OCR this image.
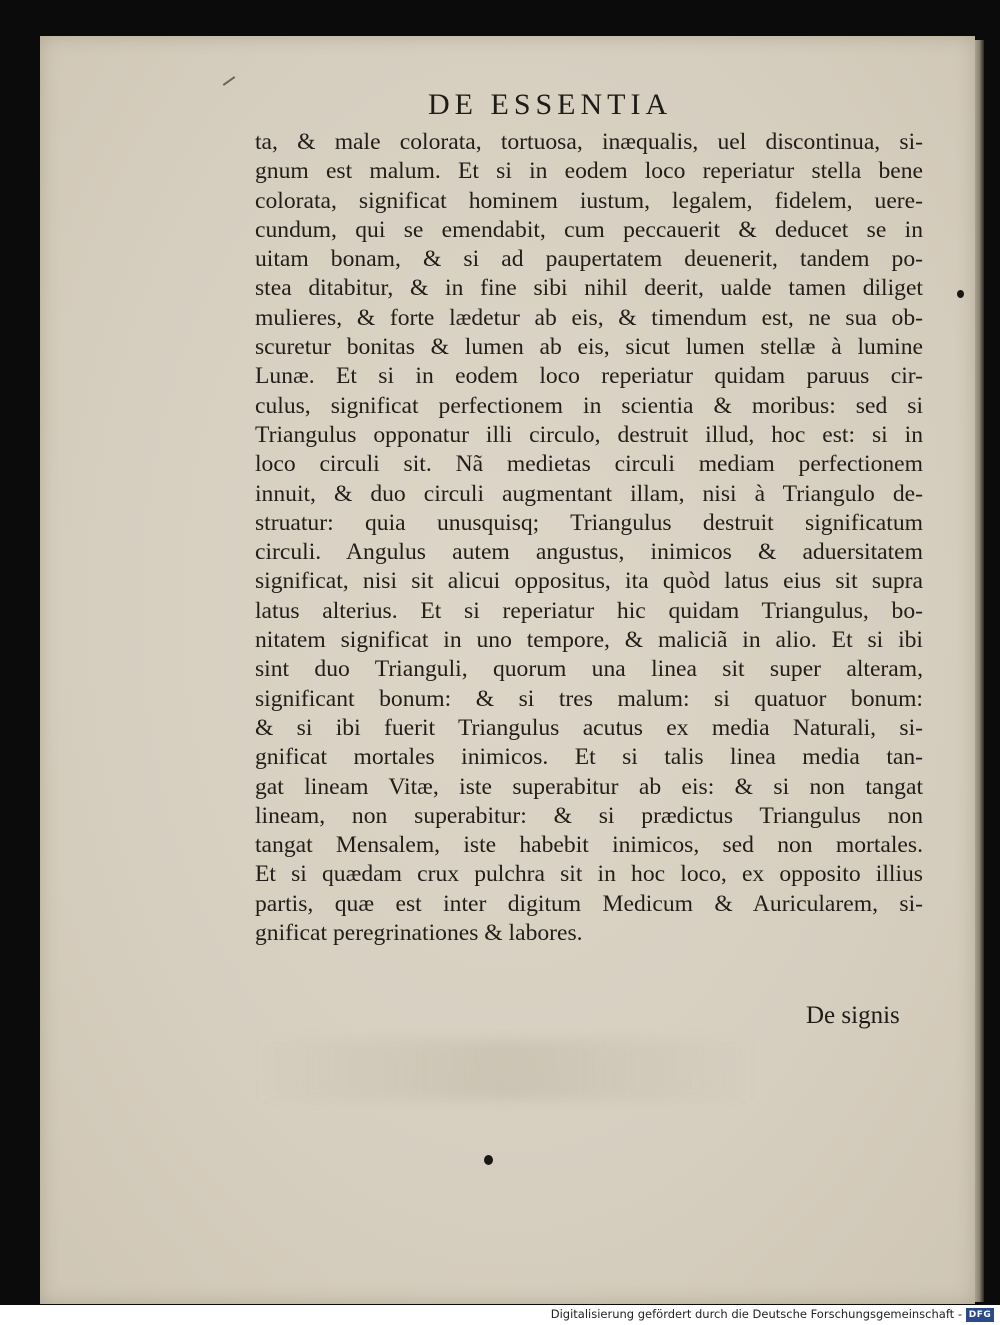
DE ESSENTIA
ta, & male colorata, tortuosa, inæqualis, uel discontinua, si-
gnum est malum. Et si in eodem loco reperiatur stella bene
colorata, significat hominem iustum, legalem, fidelem, uere-
cundum, qui se emendabit, cum peccauerit & deducet se in
uitam bonam, & si ad paupertatem deuenerit, tandem po-
stea ditabitur, & in fine sibi nihil deerit, ualde tamen diliget
mulieres, & forte lædetur ab eis, & timendum est, ne sua ob-
scuretur bonitas & lumen ab eis, sicut lumen stellæ à lumine
Lunæ. Et si in eodem loco reperiatur quidam paruus cir-
culus, significat perfectionem in scientia & moribus: sed si
Triangulus opponatur illi circulo, destruit illud, hoc est: si in
loco circuli sit. Nã medietas circuli mediam perfectionem
innuit, & duo circuli augmentant illam, nisi à Triangulo de-
struatur: quia unusquisq; Triangulus destruit significatum
circuli. Angulus autem angustus, inimicos & aduersitatem
significat, nisi sit alicui oppositus, ita quòd latus eius sit supra
latus alterius. Et si reperiatur hic quidam Triangulus, bo-
nitatem significat in uno tempore, & maliciã in alio. Et si ibi
sint duo Trianguli, quorum una linea sit super alteram,
significant bonum: & si tres malum: si quatuor bonum:
& si ibi fuerit Triangulus acutus ex media Naturali, si-
gnificat mortales inimicos. Et si talis linea media tan-
gat lineam Vitæ, iste superabitur ab eis: & si non tangat
lineam, non superabitur: & si prædictus Triangulus non
tangat Mensalem, iste habebit inimicos, sed non mortales.
Et si quædam crux pulchra sit in hoc loco, ex opposito illius
partis, quæ est inter digitum Medicum & Auricularem, si-
gnificat peregrinationes & labores.
De signis
Digitalisierung gefördert durch die Deutsche Forschungsgemeinschaft - DFG
